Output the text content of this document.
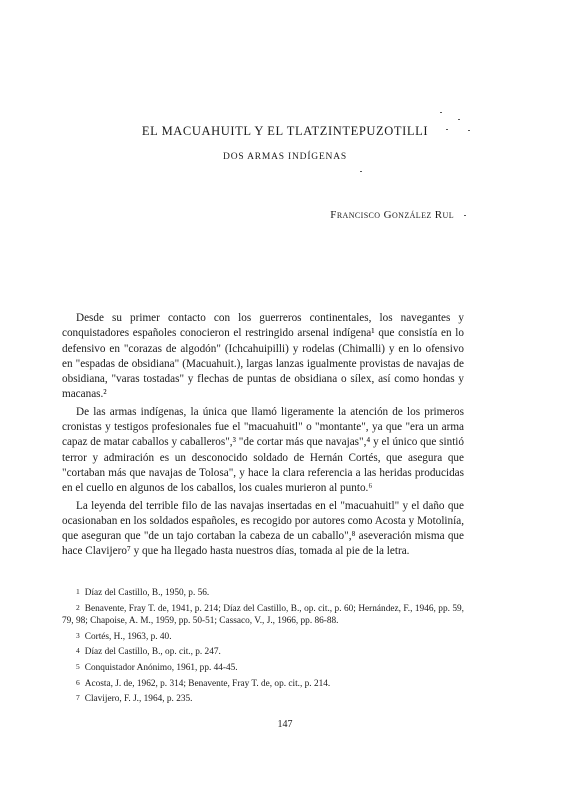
EL MACUAHUITL Y EL TLATZINTEPUZOTILLI
DOS ARMAS INDÍGENAS
Francisco González Rul

Desde su primer contacto con los guerreros continentales, los navegantes y conquistadores españoles conocieron el restringido arsenal indígena¹ que consistía en lo defensivo en "corazas de algodón" (Ichcahuipilli) y rodelas (Chimalli) y en lo ofensivo en "espadas de obsidiana" (Macuahuit.), largas lanzas igualmente provistas de navajas de obsidiana, "varas tostadas" y flechas de puntas de obsidiana o sílex, así como hondas y macanas.²

De las armas indígenas, la única que llamó ligeramente la atención de los primeros cronistas y testigos profesionales fue el "macuahuitl" o "montante", ya que "era un arma capaz de matar caballos y caballeros",³ "de cortar más que navajas",⁴ y el único que sintió terror y admiración es un desconocido soldado de Hernán Cortés, que asegura que "cortaban más que navajas de Tolosa", y hace la clara referencia a las heridas producidas en el cuello en algunos de los caballos, los cuales murieron al punto.⁶

La leyenda del terrible filo de las navajas insertadas en el "macuahuitl" y el daño que ocasionaban en los soldados españoles, es recogido por autores como Acosta y Motolinía, que aseguran que "de un tajo cortaban la cabeza de un caballo",⁸ aseveración misma que hace Clavijero⁷ y que ha llegado hasta nuestros días, tomada al pie de la letra.

1 Díaz del Castillo, B., 1950, p. 56.
2 Benavente, Fray T. de, 1941, p. 214; Díaz del Castillo, B., op. cit., p. 60; Hernández, F., 1946, pp. 59, 79, 98; Chapoise, A. M., 1959, pp. 50-51; Cassaco, V., J., 1966, pp. 86-88.
3 Cortés, H., 1963, p. 40.
4 Díaz del Castillo, B., op. cit., p. 247.
5 Conquistador Anónimo, 1961, pp. 44-45.
6 Acosta, J. de, 1962, p. 314; Benavente, Fray T. de, op. cit., p. 214.
7 Clavijero, F. J., 1964, p. 235.
147
